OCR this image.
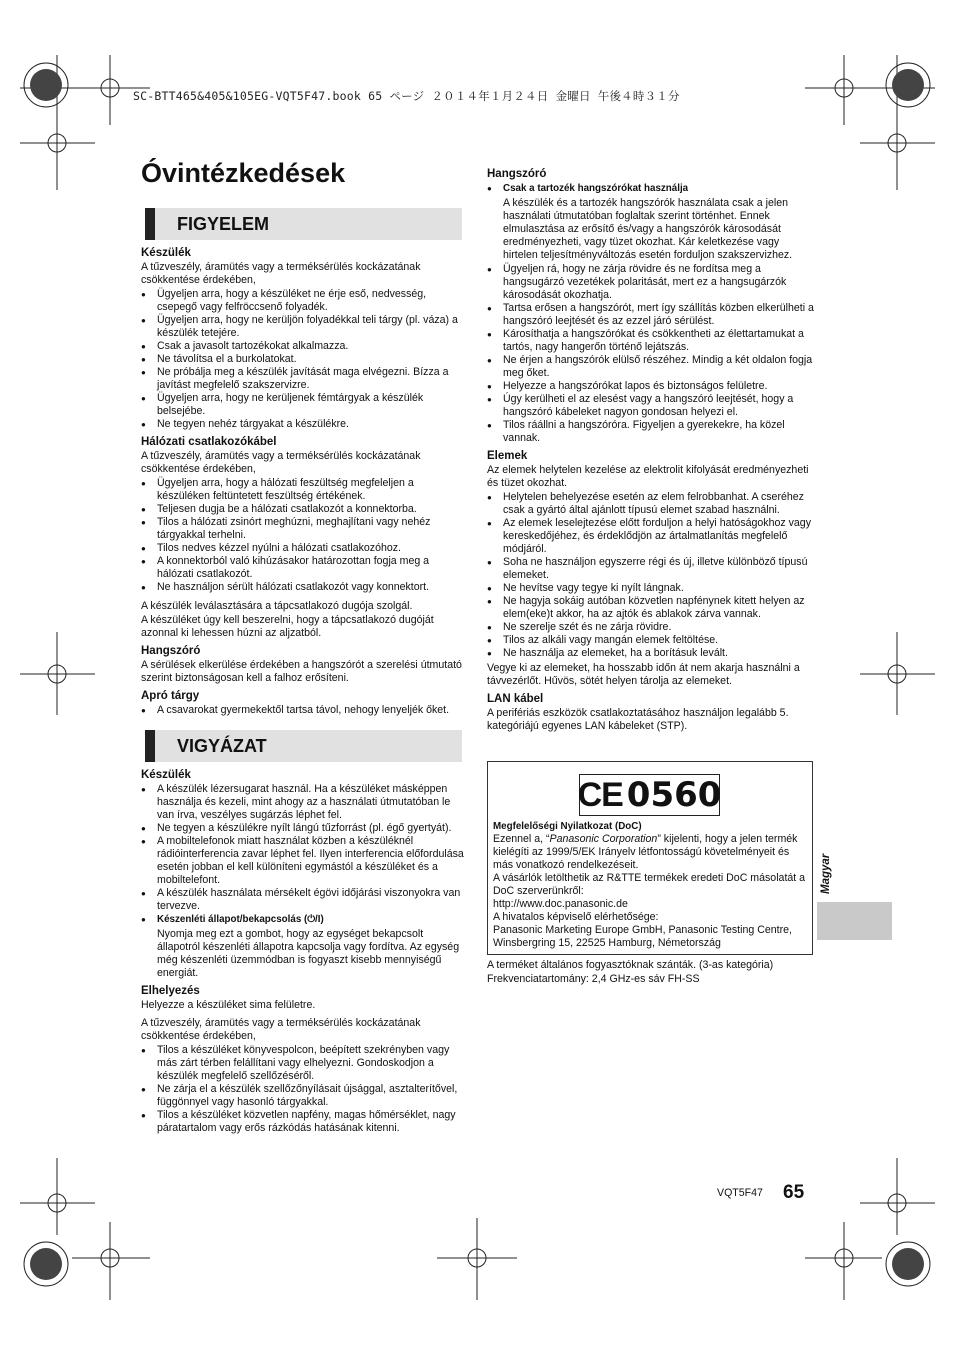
SC-BTT465&405&105EG-VQT5F47.book 65 ページ ２０１４年１月２４日 金曜日 午後４時３１分
Óvintézkedések
FIGYELEM
Készülék

A tűzveszély, áramütés vagy a terméksérülés kockázatának csökkentése érdekében,

● Ügyeljen arra, hogy a készüléket ne érje eső, nedvesség, csepegő vagy felfröccsenő folyadék.
● Ügyeljen arra, hogy ne kerüljön folyadékkal teli tárgy (pl. váza) a készülék tetejére.
● Csak a javasolt tartozékokat alkalmazza.
● Ne távolítsa el a burkolatokat.
● Ne próbálja meg a készülék javítását maga elvégezni. Bízza a javítást megfelelő szakszervizre.
● Ügyeljen arra, hogy ne kerüljenek fémtárgyak a készülék belsejébe.
● Ne tegyen nehéz tárgyakat a készülékre.
Hálózati csatlakozókábel

A tűzveszély, áramütés vagy a terméksérülés kockázatának csökkentése érdekében,

● Ügyeljen arra, hogy a hálózati feszültség megfeleljen a készüléken feltüntetett feszültség értékének.
● Teljesen dugja be a hálózati csatlakozót a konnektorba.
● Tilos a hálózati zsinórt meghúzni, meghajlítani vagy nehéz tárgyakkal terhelni.
● Tilos nedves kézzel nyúlni a hálózati csatlakozóhoz.
● A konnektorból való kihúzásakor határozottan fogja meg a hálózati csatlakozót.
● Ne használjon sérült hálózati csatlakozót vagy konnektort.

A készülék leválasztására a tápcsatlakozó dugója szolgál.

A készüléket úgy kell beszerelni, hogy a tápcsatlakozó dugóját azonnal ki lehessen húzni az aljzatból.

Hangszóró

A sérülések elkerülése érdekében a hangszórót a szerelési útmutató szerint biztonságosan kell a falhoz erősíteni.

Apró tárgy
● A csavarokat gyermekektől tartsa távol, nehogy lenyeljék őket.
VIGYÁZAT
Készülék
● A készülék lézersugarat használ. Ha a készüléket másképpen használja és kezeli, mint ahogy az a használati útmutatóban le van írva, veszélyes sugárzás léphet fel.
● Ne tegyen a készülékre nyílt lángú tűzforrást (pl. égő gyertyát).
● A mobiltelefonok miatt használat közben a készüléknél rádióinterferencia zavar léphet fel. Ilyen interferencia előfordulása esetén jobban el kell különíteni egymástól a készüléket és a mobiltelefont.
● A készülék használata mérsékelt égövi időjárási viszonyokra van tervezve.
● Készenléti állapot/bekapcsolás (⏻/I)

Nyomja meg ezt a gombot, hogy az egységet bekapcsolt állapotról készenléti állapotra kapcsolja vagy fordítva. Az egység még készenléti üzemmódban is fogyaszt kisebb mennyiségű energiát.

Elhelyezés

Helyezze a készüléket sima felületre.

A tűzveszély, áramütés vagy a terméksérülés kockázatának csökkentése érdekében,

● Tilos a készüléket könyvespolcon, beépített szekrényben vagy más zárt térben felállítani vagy elhelyezni. Gondoskodjon a készülék megfelelő szellőzéséről.
● Ne zárja el a készülék szellőzőnyílásait újsággal, asztalterítővel, függönnyel vagy hasonló tárgyakkal.
● Tilos a készüléket közvetlen napfény, magas hőmérséklet, nagy páratartalom vagy erős rázkódás hatásának kitenni.
Hangszóró
● Csak a tartozék hangszórókat használja

A készülék és a tartozék hangszórók használata csak a jelen használati útmutatóban foglaltak szerint történhet. Ennek elmulasztása az erősítő és/vagy a hangszórók károsodását eredményezheti, vagy tüzet okozhat. Kár keletkezése vagy hirtelen teljesítményváltozás esetén forduljon szakszervizhez.

● Ügyeljen rá, hogy ne zárja rövidre és ne fordítsa meg a hangsugárzó vezetékek polaritását, mert ez a hangsugárzók károsodását okozhatja.
● Tartsa erősen a hangszórót, mert így szállítás közben elkerülheti a hangszóró leejtését és az ezzel járó sérülést.
● Károsíthatja a hangszórókat és csökkentheti az élettartamukat a tartós, nagy hangerőn történő lejátszás.
● Ne érjen a hangszórók elülső részéhez. Mindig a két oldalon fogja meg őket.
● Helyezze a hangszórókat lapos és biztonságos felületre.
● Úgy kerülheti el az elesést vagy a hangszóró leejtését, hogy a hangszóró kábeleket nagyon gondosan helyezi el.
● Tilos ráállni a hangszóróra. Figyeljen a gyerekekre, ha közel vannak.
Elemek

Az elemek helytelen kezelése az elektrolit kifolyását eredményezheti és tüzet okozhat.

● Helytelen behelyezése esetén az elem felrobbanhat. A cseréhez csak a gyártó által ajánlott típusú elemet szabad használni.
● Az elemek leselejtezése előtt forduljon a helyi hatóságokhoz vagy kereskedőjéhez, és érdeklődjön az ártalmatlanítás megfelelő módjáról.
● Soha ne használjon egyszerre régi és új, illetve különböző típusú elemeket.
● Ne hevítse vagy tegye ki nyílt lángnak.
● Ne hagyja sokáig autóban közvetlen napfénynek kitett helyen az elem(eke)t akkor, ha az ajtók és ablakok zárva vannak.
● Ne szerelje szét és ne zárja rövidre.
● Tilos az alkáli vagy mangán elemek feltöltése.
● Ne használja az elemeket, ha a borításuk levált.

Vegye ki az elemeket, ha hosszabb időn át nem akarja használni a távvezérlőt. Hűvös, sötét helyen tárolja az elemeket.

LAN kábel

A perifériás eszközök csatlakoztatásához használjon legalább 5. kategóriájú egyenes LAN kábeleket (STP).

CE 0560
Megfelelőségi Nyilatkozat (DoC)
Ezennel a, “Panasonic Corporation” kijelenti, hogy a jelen termék kielégíti az 1999/5/EK Irányelv létfontosságú követelményeit és más vonatkozó rendelkezéseit.
A vásárlók letölthetik az R&TTE termékek eredeti DoC másolatát a DoC szerverünkről:
http://www.doc.panasonic.de
A hivatalos képviselő elérhetősége:
Panasonic Marketing Europe GmbH, Panasonic Testing Centre, Winsbergring 15, 22525 Hamburg, Németország

A terméket általános fogyasztóknak szánták. (3-as kategória)

Frekvenciatartomány: 2,4 GHz-es sáv FH-SS

Magyar
VQT5F47 65
